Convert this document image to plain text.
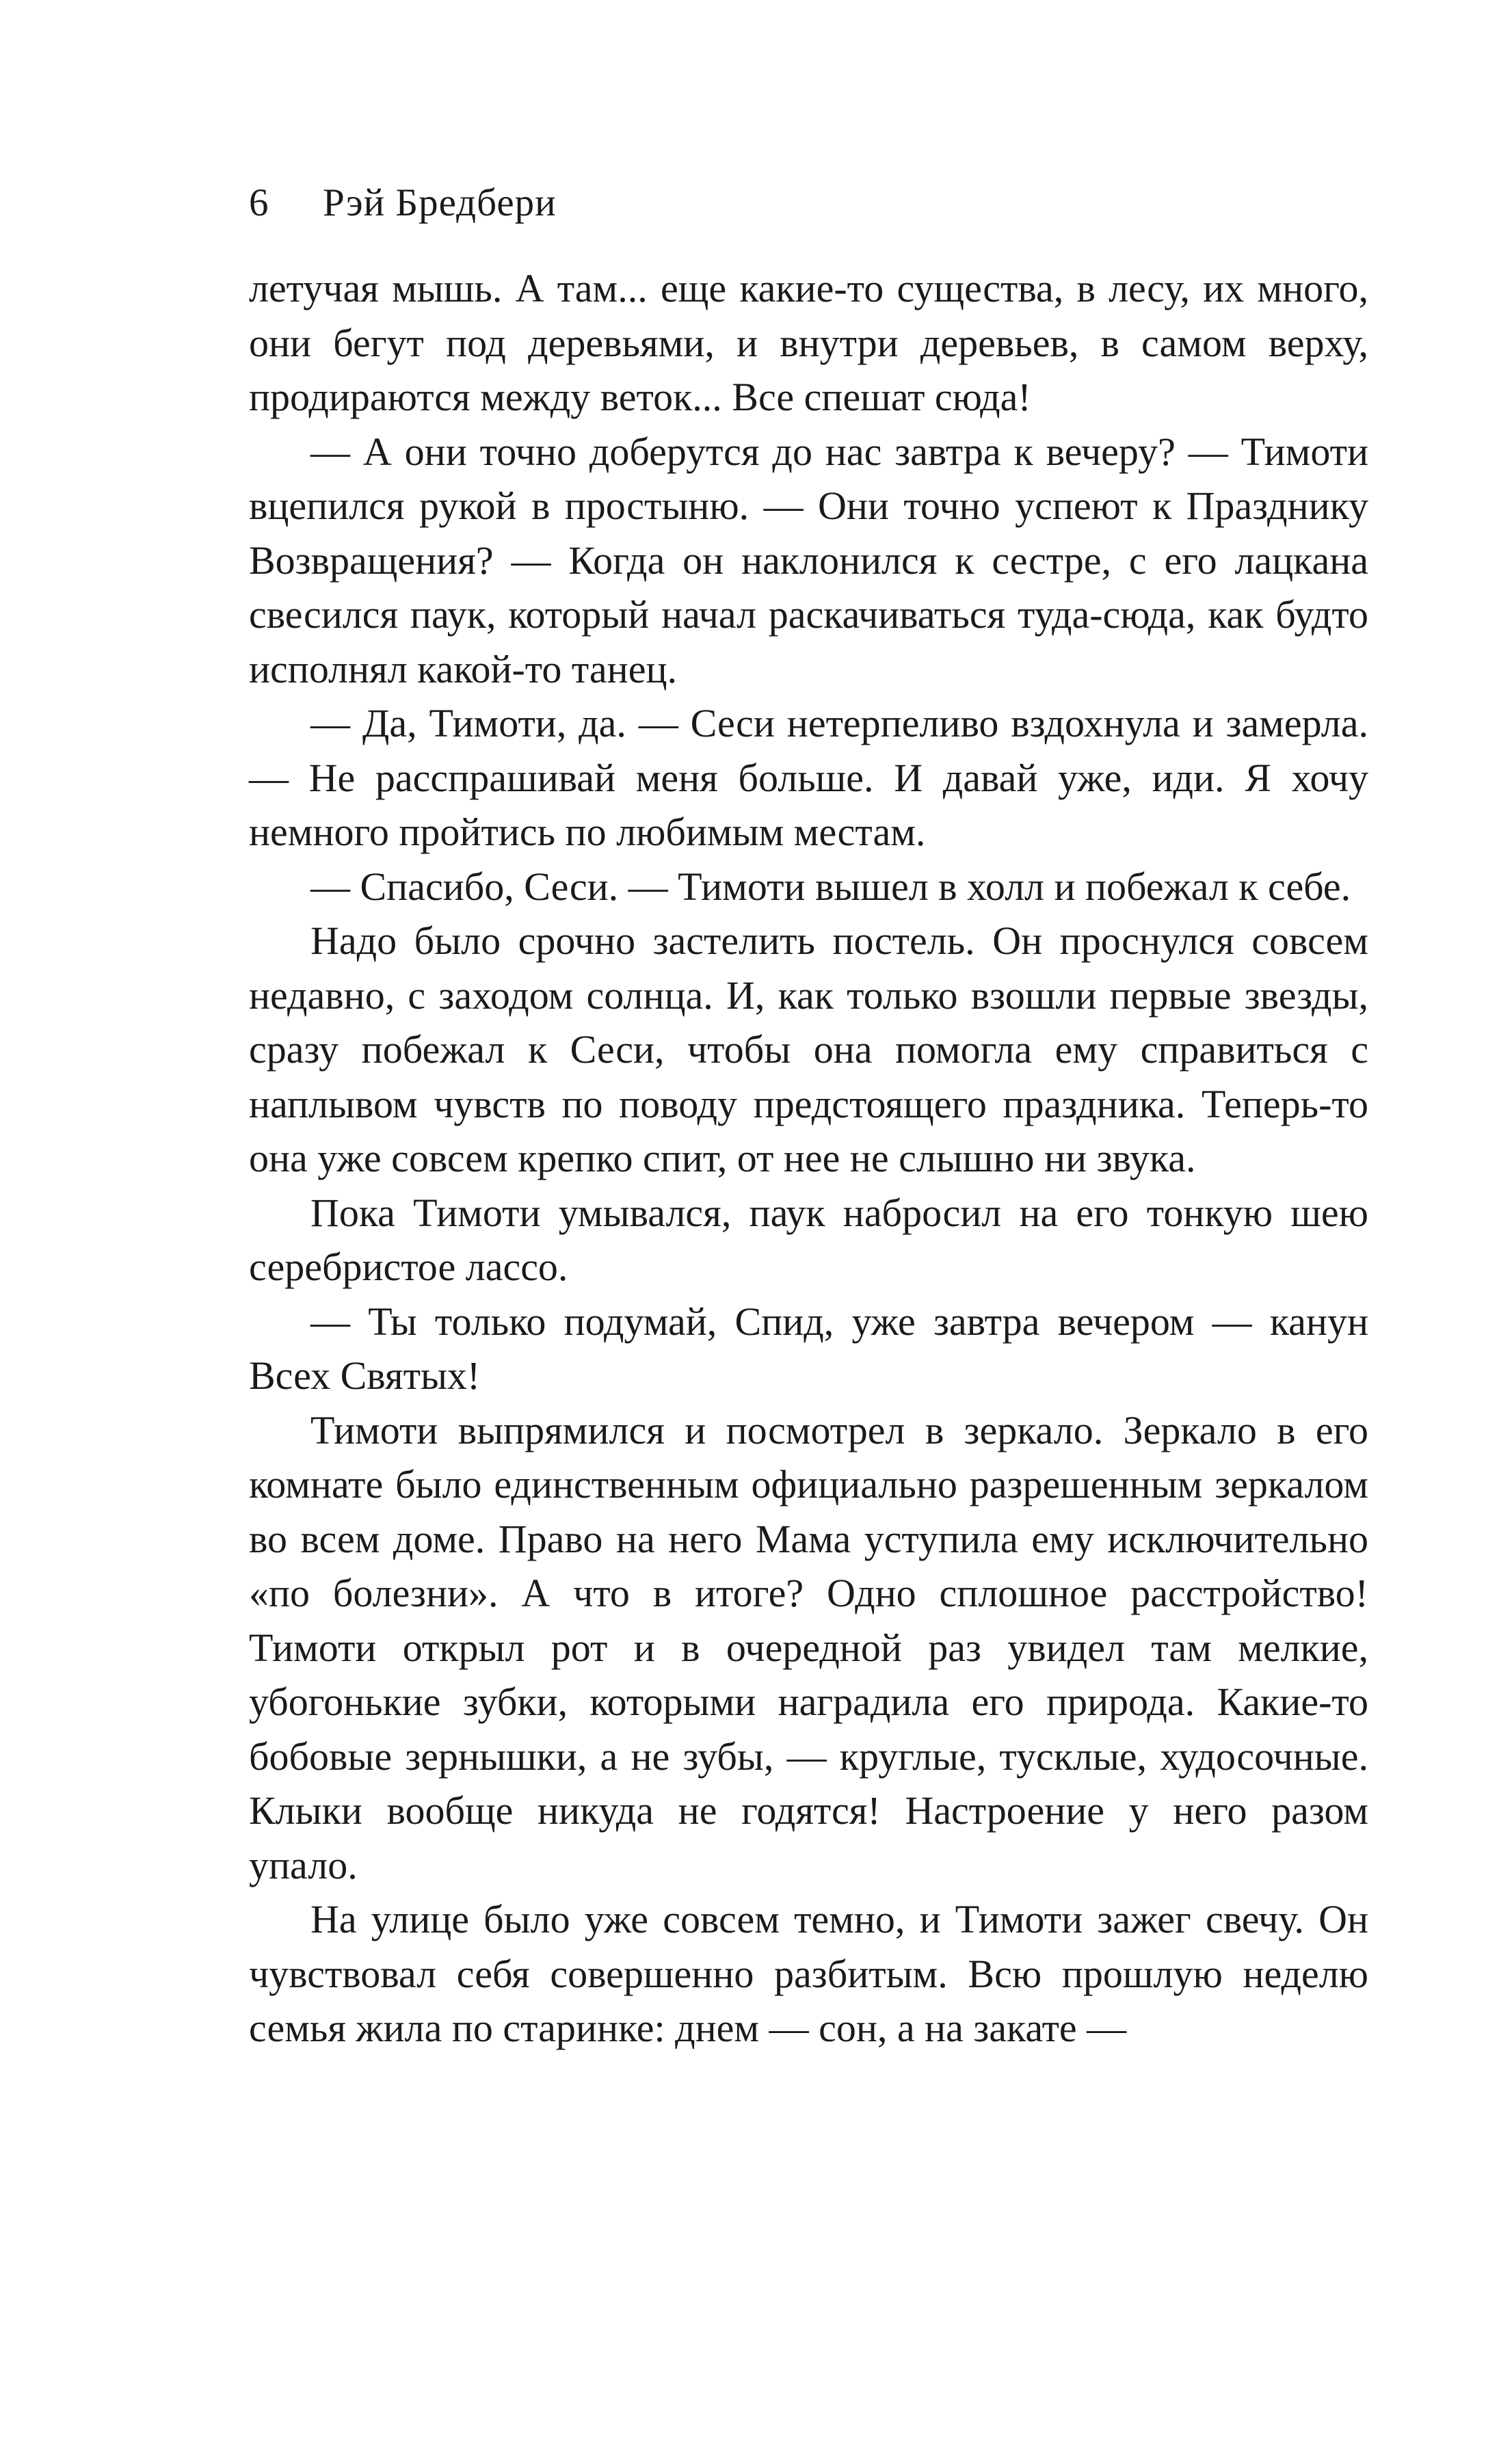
6 Рэй Бредбери

летучая мышь. А там... еще какие-то существа, в лесу, их много, они бегут под деревьями, и внутри деревьев, в самом верху, продираются между веток... Все спешат сюда!

— А они точно доберутся до нас завтра к вечеру? — Тимоти вцепился рукой в простыню. — Они точно успеют к Празднику Возвращения? — Когда он наклонился к сестре, с его лацкана свесился паук, который начал раскачиваться туда-сюда, как будто исполнял какой-то танец.

— Да, Тимоти, да. — Сеси нетерпеливо вздохнула и замерла. — Не расспрашивай меня больше. И давай уже, иди. Я хочу немного пройтись по любимым местам.

— Спасибо, Сеси. — Тимоти вышел в холл и побежал к себе.

Надо было срочно застелить постель. Он проснулся совсем недавно, с заходом солнца. И, как только взошли первые звезды, сразу побежал к Сеси, чтобы она помогла ему справиться с наплывом чувств по поводу предстоящего праздника. Теперь-то она уже совсем крепко спит, от нее не слышно ни звука.

Пока Тимоти умывался, паук набросил на его тонкую шею серебристое лассо.

— Ты только подумай, Спид, уже завтра вечером — канун Всех Святых!

Тимоти выпрямился и посмотрел в зеркало. Зеркало в его комнате было единственным официально разрешенным зеркалом во всем доме. Право на него Мама уступила ему исключительно «по болезни». А что в итоге? Одно сплошное расстройство! Тимоти открыл рот и в очередной раз увидел там мелкие, убогонькие зубки, которыми наградила его природа. Какие-то бобовые зернышки, а не зубы, — круглые, тусклые, худосочные. Клыки вообще никуда не годятся! Настроение у него разом упало.

На улице было уже совсем темно, и Тимоти зажег свечу. Он чувствовал себя совершенно разбитым. Всю прошлую неделю семья жила по старинке: днем — сон, а на закате —
